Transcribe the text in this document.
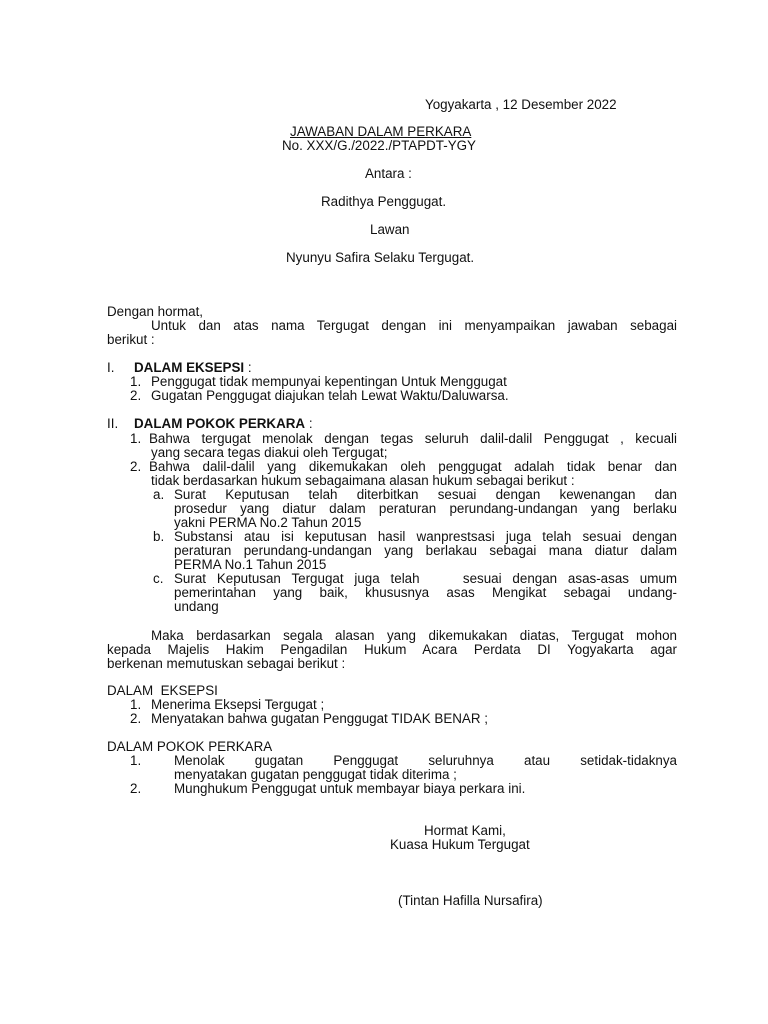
Yogyakarta , 12 Desember 2022
JAWABAN DALAM PERKARA
No. XXX/G./2022./PTAPDT-YGY
Antara :
Radithya Penggugat.
Lawan
Nyunyu Safira Selaku Tergugat.
Dengan hormat,
Untuk dan atas nama Tergugat dengan ini menyampaikan jawaban sebagai
berikut :
I. DALAM EKSEPSI :
1. Penggugat tidak mempunyai kepentingan Untuk Menggugat
2. Gugatan Penggugat diajukan telah Lewat Waktu/Daluwarsa.
II. DALAM POKOK PERKARA :
1. Bahwa tergugat menolak dengan tegas seluruh dalil-dalil Penggugat , kecuali
yang secara tegas diakui oleh Tergugat;
2. Bahwa dalil-dalil yang dikemukakan oleh penggugat adalah tidak benar dan
tidak berdasarkan hukum sebagaimana alasan hukum sebagai berikut :
a. Surat Keputusan telah diterbitkan sesuai dengan kewenangan dan
prosedur yang diatur dalam peraturan perundang-undangan yang berlaku
yakni PERMA No.2 Tahun 2015
b. Substansi atau isi keputusan hasil wanprestsasi juga telah sesuai dengan
peraturan perundang-undangan yang berlakau sebagai mana diatur dalam
PERMA No.1 Tahun 2015
c. Surat Keputusan Tergugat juga telah    sesuai dengan asas-asas umum
pemerintahan yang baik, khususnya asas Mengikat sebagai undang-
undang
Maka berdasarkan segala alasan yang dikemukakan diatas, Tergugat mohon
kepada Majelis Hakim Pengadilan Hukum Acara Perdata DI Yogyakarta agar
berkenan memutuskan sebagai berikut :
DALAM  EKSEPSI
1. Menerima Eksepsi Tergugat ;
2. Menyatakan bahwa gugatan Penggugat TIDAK BENAR ;
DALAM POKOK PERKARA
1. Menolak gugatan Penggugat seluruhnya atau setidak-tidaknya
menyatakan gugatan penggugat tidak diterima ;
2. Munghukum Penggugat untuk membayar biaya perkara ini.
Hormat Kami,
Kuasa Hukum Tergugat
(Tintan Hafilla Nursafira)
